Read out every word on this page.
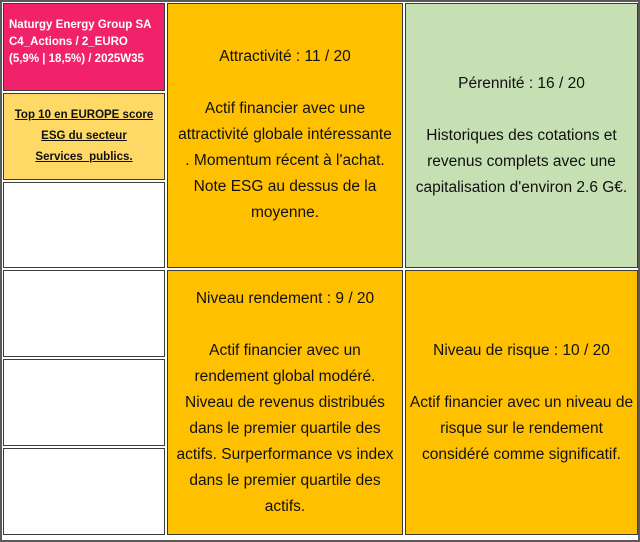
Naturgy Energy Group SA
C4_Actions / 2_EURO
(5,9% | 18,5%) / 2025W35
Top 10 en EUROPE score
ESG du secteur
Services_publics.
Attractivité : 11 / 20
Actif financier avec une
attractivité globale intéressante
. Momentum récent à l'achat.
Note ESG au dessus de la
moyenne.
Pérennité : 16 / 20
Historiques des cotations et
revenus complets avec une
capitalisation d'environ 2.6 G€.
Niveau rendement : 9 / 20
Actif financier avec un
rendement global modéré.
Niveau de revenus distribués
dans le premier quartile des
actifs. Surperformance vs index
dans le premier quartile des
actifs.
Niveau de risque : 10 / 20
Actif financier avec un niveau de
risque sur le rendement
considéré comme significatif.
